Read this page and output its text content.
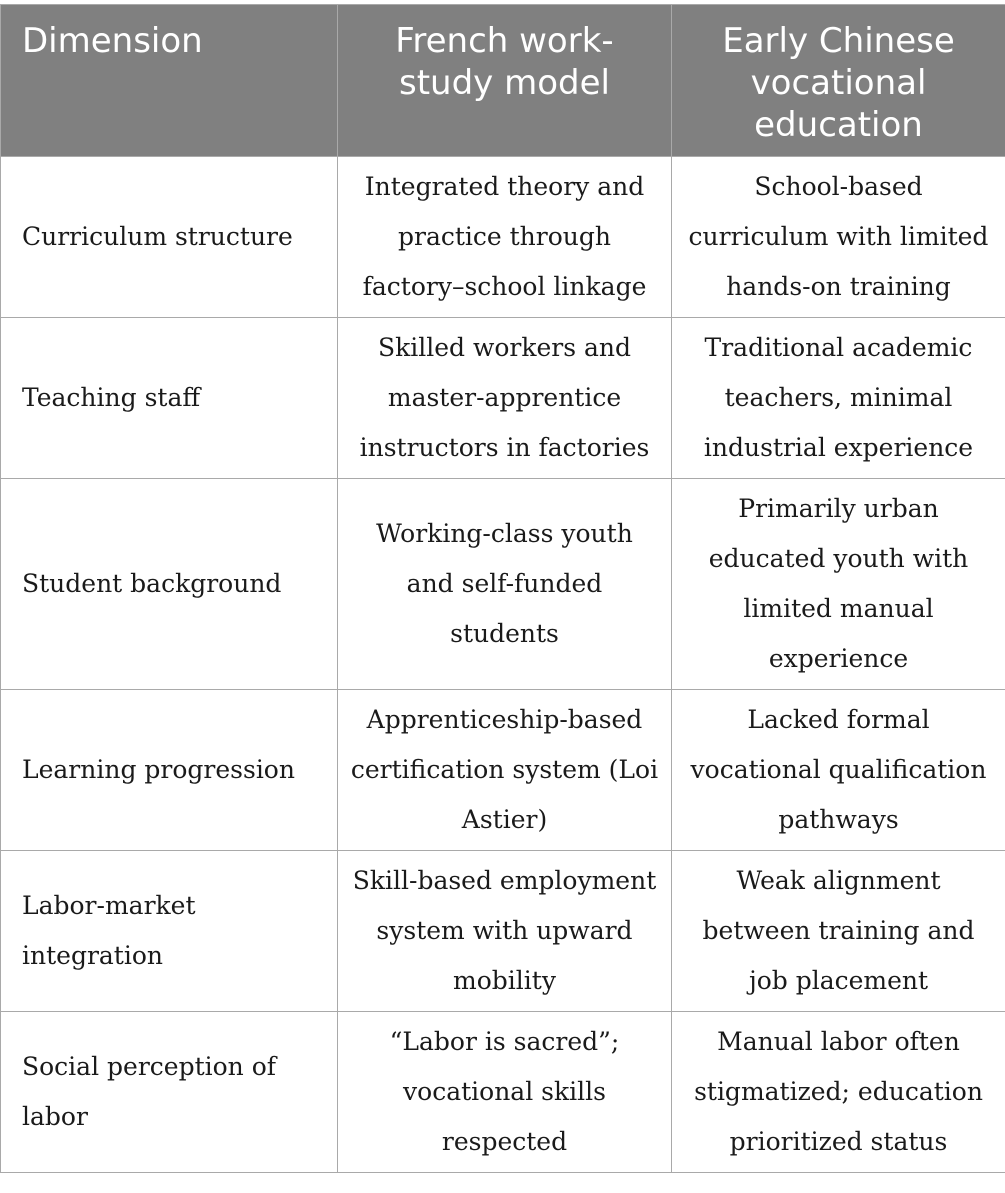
Dimension	French work-study model	Early Chinese vocational education
Curriculum structure	Integrated theory and practice through factory–school linkage	School-based curriculum with limited hands-on training
Teaching staff	Skilled workers and master-apprentice instructors in factories	Traditional academic teachers, minimal industrial experience
Student background	Working-class youth and self-funded students	Primarily urban educated youth with limited manual experience
Learning progression	Apprenticeship-based certification system (Loi Astier)	Lacked formal vocational qualification pathways
Labor-market integration	Skill-based employment system with upward mobility	Weak alignment between training and job placement
Social perception of labor	“Labor is sacred”; vocational skills respected	Manual labor often stigmatized; education prioritized status
